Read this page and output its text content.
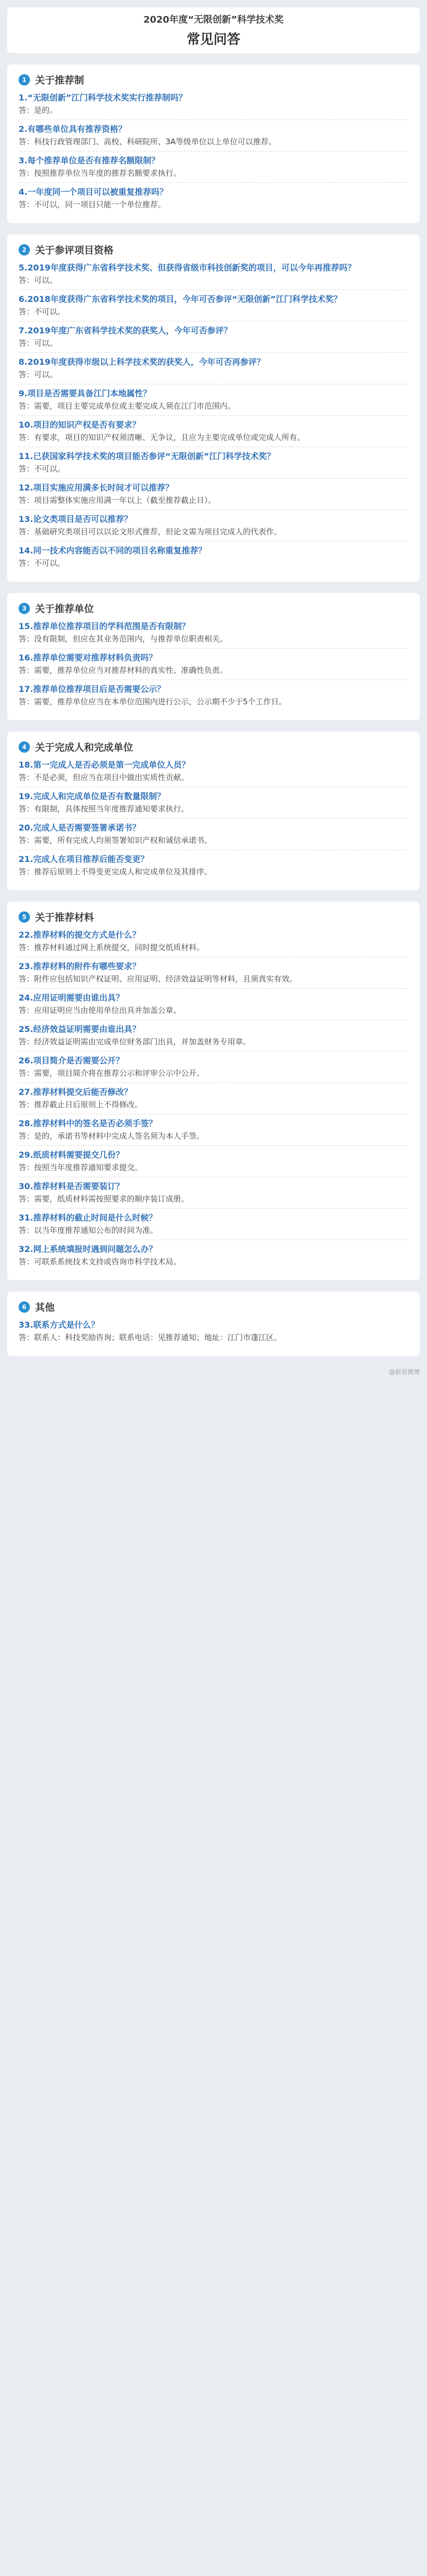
2020年度“无限创新”科学技术奖
常见问答
1 关于推荐制
1.“无限创新”江门科学技术奖实行推荐制吗？
答：是的。
2.有哪些单位具有推荐资格？
答：科技行政管理部门、高校、科研院所、3A等级单位以上单位可以推荐。
3.每个推荐单位是否有推荐名额限制？
答：按照推荐单位当年度的推荐名额要求执行。
4.一年度同一个项目可以被重复推荐吗？
答：不可以，同一项目只能一个单位推荐。
2 关于参评项目资格
5.2019年度获得广东省科学技术奖、但获得省级市科技创新奖的项目，可以今年再推荐吗？
答：可以。
6.2018年度获得广东省科学技术奖的项目，今年可否参评“无限创新”江门科学技术奖？
答：不可以。
7.2019年度广东省科学技术奖的获奖人，今年可否参评？
答：可以。
8.2019年度获得市级以上科学技术奖的获奖人，今年可否再参评？
答：可以。
9.项目是否需要具备江门本地属性？
答：需要，项目主要完成单位或主要完成人须在江门市范围内。
10.项目的知识产权是否有要求？
答：有要求，项目的知识产权须清晰、无争议，且应为主要完成单位或完成人所有。
11.已获国家科学技术奖的项目能否参评“无限创新”江门科学技术奖？
答：不可以。
12.项目实施应用满多长时间才可以推荐？
答：项目需整体实施应用满一年以上（截至推荐截止日）。
13.论文类项目是否可以推荐？
答：基础研究类项目可以以论文形式推荐，但论文需为项目完成人的代表作。
14.同一技术内容能否以不同的项目名称重复推荐？
答：不可以。
3 关于推荐单位
15.推荐单位推荐项目的学科范围是否有限制？
答：没有限制，但应在其业务范围内，与推荐单位职责相关。
16.推荐单位需要对推荐材料负责吗？
答：需要，推荐单位应当对推荐材料的真实性、准确性负责。
17.推荐单位推荐项目后是否需要公示？
答：需要，推荐单位应当在本单位范围内进行公示，公示期不少于5个工作日。
4 关于完成人和完成单位
18.第一完成人是否必须是第一完成单位人员？
答：不是必须，但应当在项目中做出实质性贡献。
19.完成人和完成单位是否有数量限制？
答：有限制，具体按照当年度推荐通知要求执行。
20.完成人是否需要签署承诺书？
答：需要，所有完成人均须签署知识产权和诚信承诺书。
21.完成人在项目推荐后能否变更？
答：推荐后原则上不得变更完成人和完成单位及其排序。
5 关于推荐材料
22.推荐材料的提交方式是什么？
答：推荐材料通过网上系统提交，同时提交纸质材料。
23.推荐材料的附件有哪些要求？
答：附件应包括知识产权证明、应用证明、经济效益证明等材料，且须真实有效。
24.应用证明需要由谁出具？
答：应用证明应当由使用单位出具并加盖公章。
25.经济效益证明需要由谁出具？
答：经济效益证明需由完成单位财务部门出具，并加盖财务专用章。
26.项目简介是否需要公开？
答：需要，项目简介将在推荐公示和评审公示中公开。
27.推荐材料提交后能否修改？
答：推荐截止日后原则上不得修改。
28.推荐材料中的签名是否必须手签？
答：是的，承诺书等材料中完成人签名须为本人手签。
29.纸质材料需要提交几份？
答：按照当年度推荐通知要求提交。
30.推荐材料是否需要装订？
答：需要，纸质材料需按照要求的顺序装订成册。
31.推荐材料的截止时间是什么时候？
答：以当年度推荐通知公布的时间为准。
32.网上系统填报时遇到问题怎么办？
答：可联系系统技术支持或咨询市科学技术局。
6 其他
33.联系方式是什么？
答：联系人：科技奖励咨询；联系电话：见推荐通知；地址：江门市蓬江区。
@新浪微博
